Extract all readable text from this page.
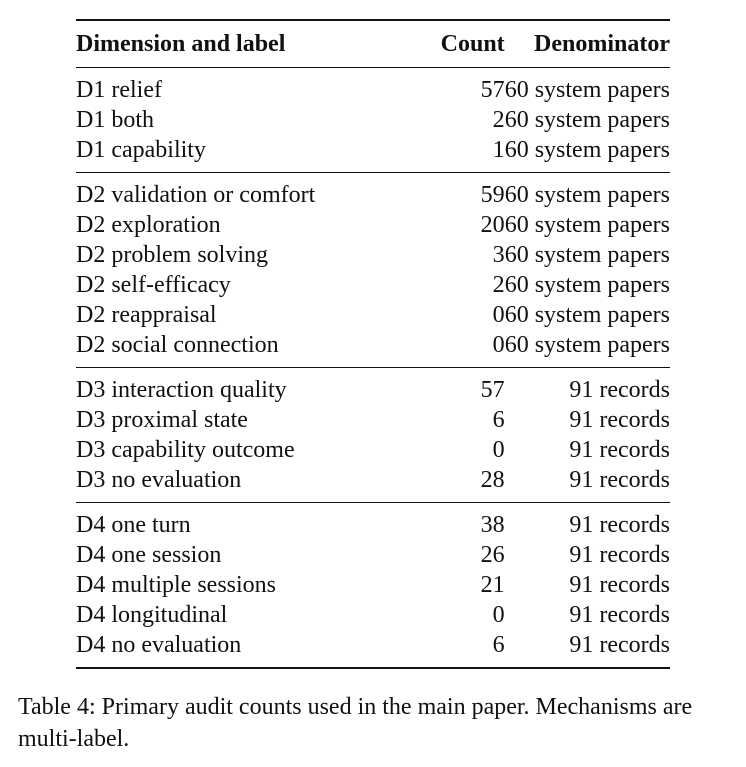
Dimension and label	Count	Denominator
D1 relief	57	60 system papers
D1 both	2	60 system papers
D1 capability	1	60 system papers
D2 validation or comfort	59	60 system papers
D2 exploration	20	60 system papers
D2 problem solving	3	60 system papers
D2 self-efficacy	2	60 system papers
D2 reappraisal	0	60 system papers
D2 social connection	0	60 system papers
D3 interaction quality	57	91 records
D3 proximal state	6	91 records
D3 capability outcome	0	91 records
D3 no evaluation	28	91 records
D4 one turn	38	91 records
D4 one session	26	91 records
D4 multiple sessions	21	91 records
D4 longitudinal	0	91 records
D4 no evaluation	6	91 records

Table 4: Primary audit counts used in the main paper. Mechanisms are multi-label.
